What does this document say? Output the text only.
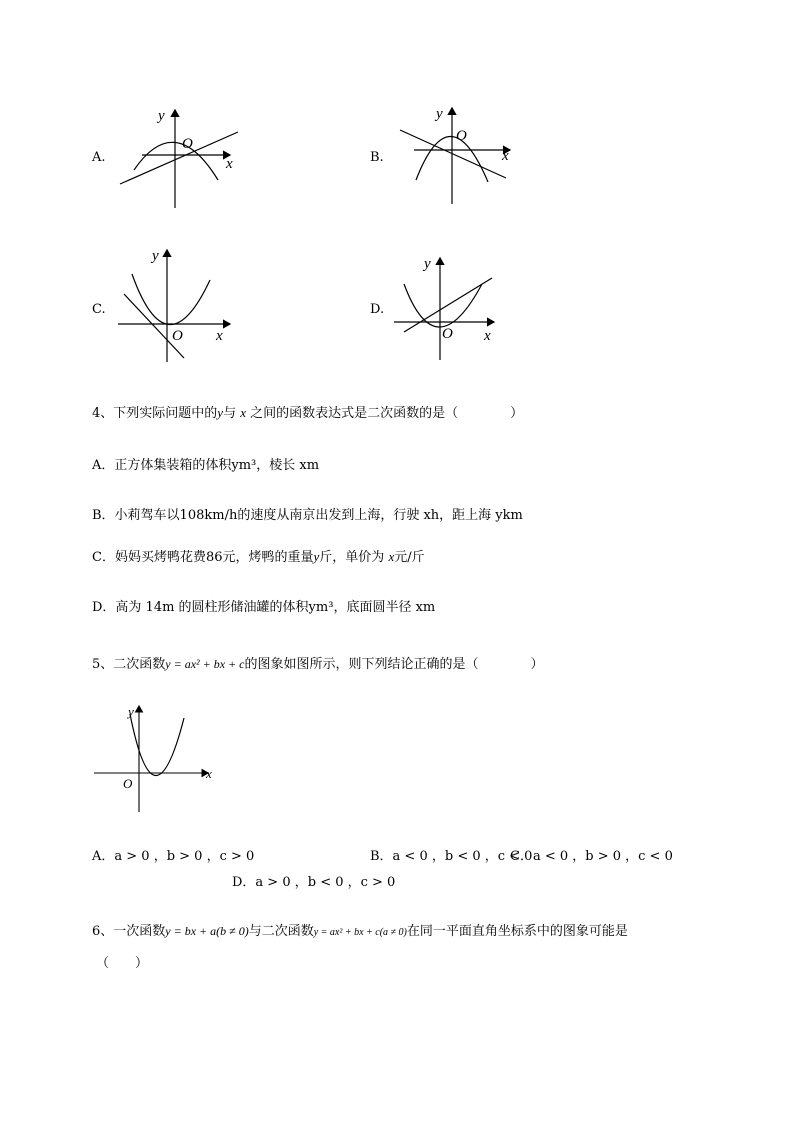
A.
y
O
x	B.
y
O
x
C.
y
O x
D.
y
O x
4、下列实际问题中的y与 x 之间的函数表达式是二次函数的是（　　　　）
A．正方体集装箱的体积ym³，棱长 xm
B．小莉驾车以108km/h的速度从南京出发到上海，行驶 xh，距上海 ykm
C．妈妈买烤鸭花费86元，烤鸭的重量y斤，单价为 x元/斤
D．高为 14m 的圆柱形储油罐的体积ym³，底面圆半径 xm
5、二次函数y = ax² + bx + c的图象如图所示，则下列结论正确的是（　　　　）
y
O
x
A．a > 0 ，b > 0 ，c > 0	B．a < 0 ，b < 0 ，c < 0
C．a < 0 ，b > 0 ，c < 0
D．a > 0 ，b < 0 ，c > 0
6、一次函数y = bx + a(b ≠ 0)与二次函数y = ax² + bx + c(a ≠ 0)在同一平面直角坐标系中的图象可能是
（　　）
